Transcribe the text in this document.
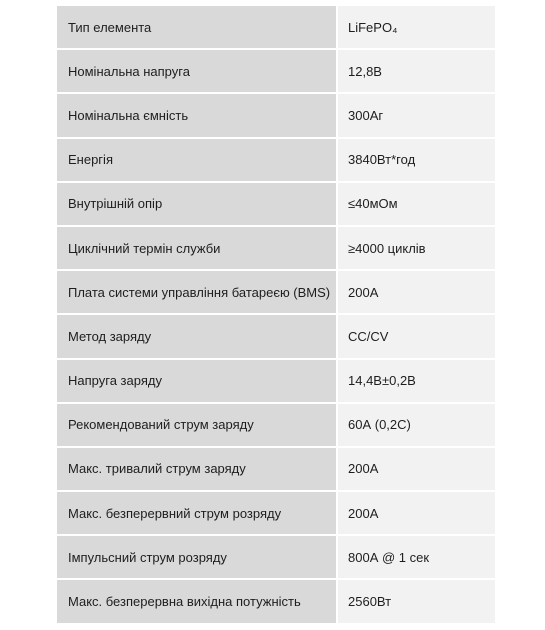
Тип елемента	LiFePO₄
Номінальна напруга	12,8В
Номінальна ємність	300Аг
Енергія	3840Вт*год
Внутрішній опір	≤40мОм
Циклічний термін служби	≥4000 циклів
Плата системи управління батареєю (BMS)	200А
Метод заряду	CC/CV
Напруга заряду	14,4В±0,2В
Рекомендований струм заряду	60А (0,2С)
Макс. тривалий струм заряду	200А
Макс. безперервний струм розряду	200А
Імпульсний струм розряду	800А @ 1 сек
Макс. безперервна вихідна потужність	2560Вт
